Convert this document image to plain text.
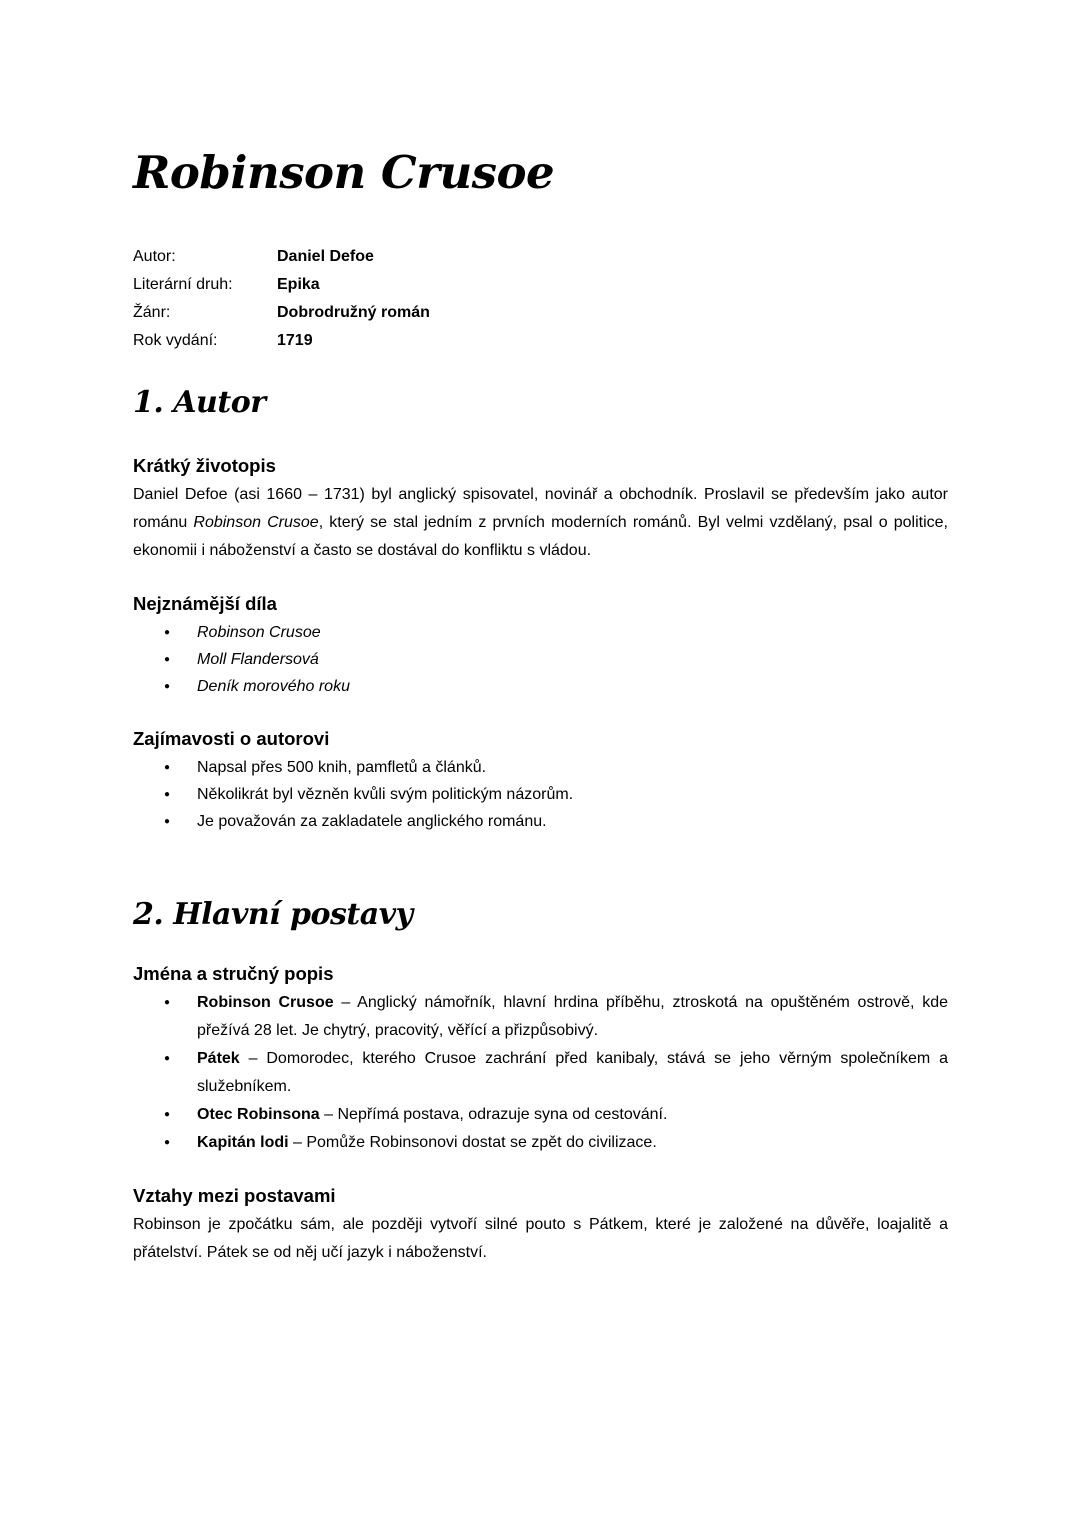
Robinson Crusoe
Autor:	Daniel Defoe
Literární druh:	Epika
Žánr:	Dobrodružný román
Rok vydání:	1719
1. Autor
Krátký životopis

Daniel Defoe (asi 1660 – 1731) byl anglický spisovatel, novinář a obchodník. Proslavil se především jako autor románu Robinson Crusoe, který se stal jedním z prvních moderních románů. Byl velmi vzdělaný, psal o politice, ekonomii i náboženství a často se dostával do konfliktu s vládou.

Nejznámější díla
● Robinson Crusoe
● Moll Flandersová
● Deník morového roku
Zajímavosti o autorovi
● Napsal přes 500 knih, pamfletů a článků.
● Několikrát byl vězněn kvůli svým politickým názorům.
● Je považován za zakladatele anglického románu.
2. Hlavní postavy
Jména a stručný popis
● Robinson Crusoe – Anglický námořník, hlavní hrdina příběhu, ztroskotá na opuštěném ostrově, kde přežívá 28 let. Je chytrý, pracovitý, věřící a přizpůsobivý.
● Pátek – Domorodec, kterého Crusoe zachrání před kanibaly, stává se jeho věrným společníkem a služebníkem.
● Otec Robinsona – Nepřímá postava, odrazuje syna od cestování.
● Kapitán lodi – Pomůže Robinsonovi dostat se zpět do civilizace.
Vztahy mezi postavami

Robinson je zpočátku sám, ale později vytvoří silné pouto s Pátkem, které je založené na důvěře, loajalitě a přátelství. Pátek se od něj učí jazyk i náboženství.
